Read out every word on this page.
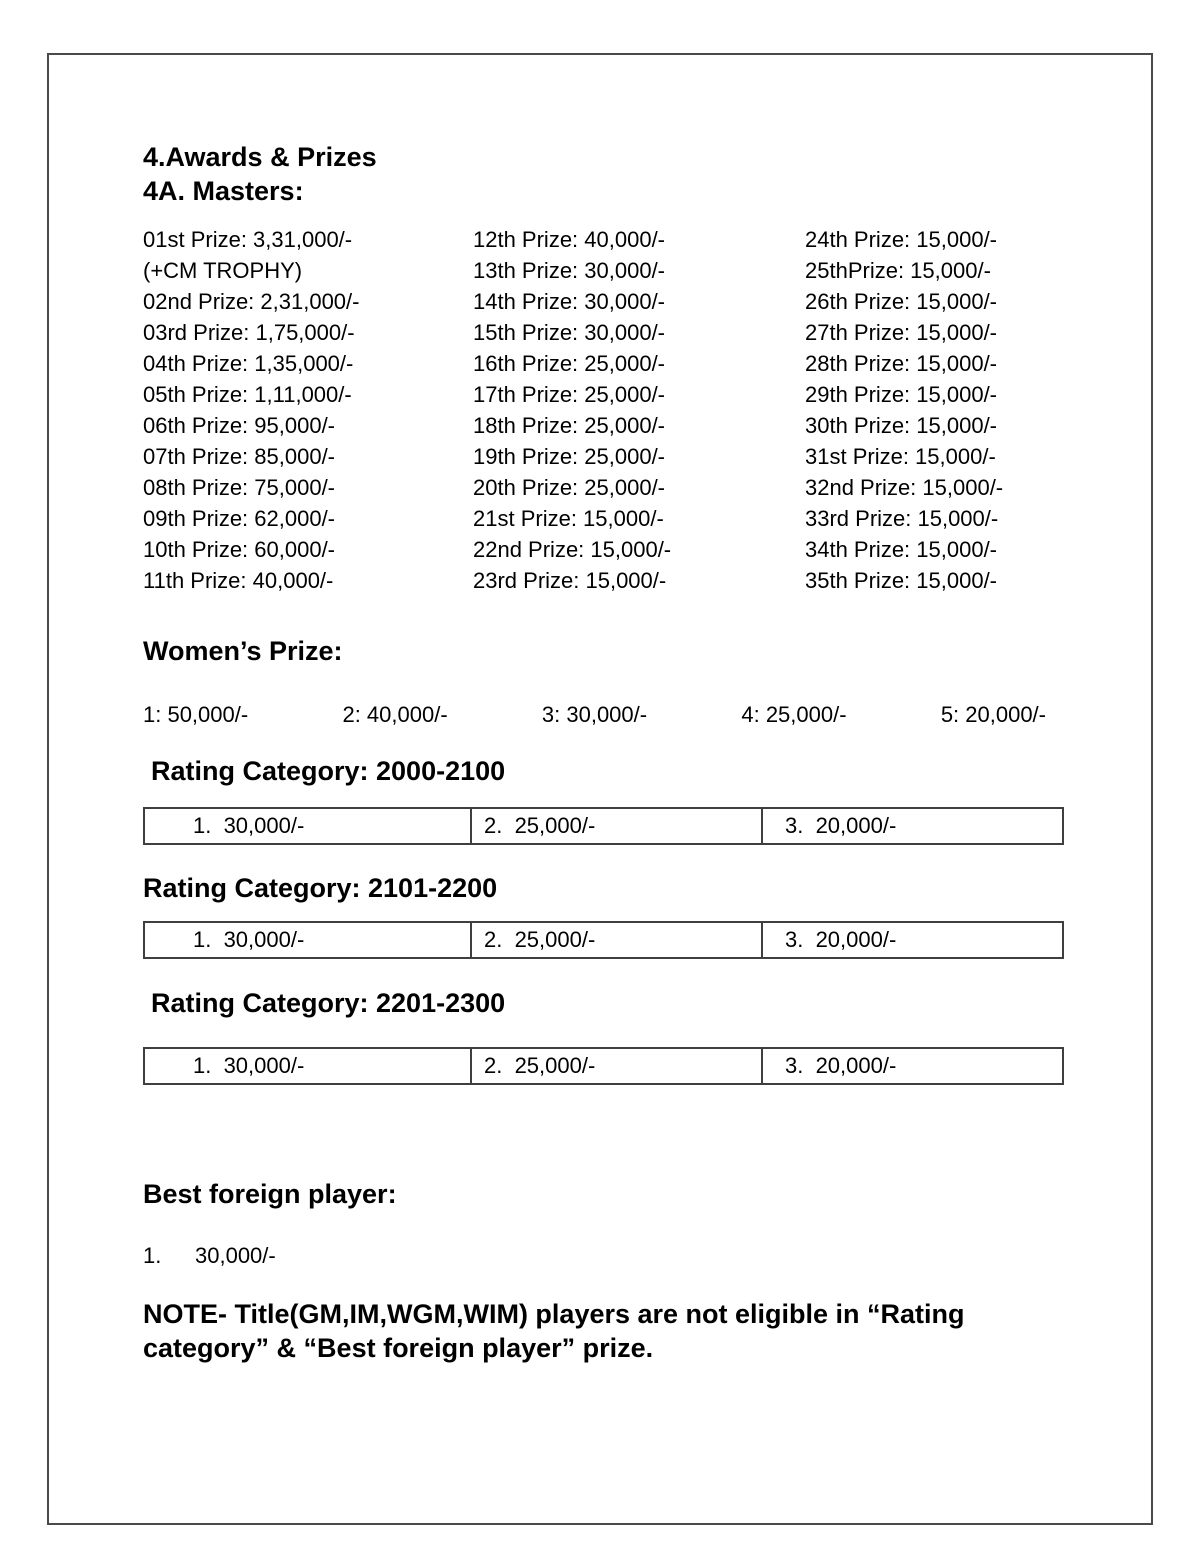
4.Awards & Prizes
4A. Masters:
01st Prize: 3,31,000/-
(+CM TROPHY)
02nd Prize: 2,31,000/-
03rd Prize: 1,75,000/-
04th Prize: 1,35,000/-
05th Prize: 1,11,000/-
06th Prize: 95,000/-
07th Prize: 85,000/-
08th Prize: 75,000/-
09th Prize: 62,000/-
10th Prize: 60,000/-
11th Prize: 40,000/-
12th Prize: 40,000/-
13th Prize: 30,000/-
14th Prize: 30,000/-
15th Prize: 30,000/-
16th Prize: 25,000/-
17th Prize: 25,000/-
18th Prize: 25,000/-
19th Prize: 25,000/-
20th Prize: 25,000/-
21st Prize: 15,000/-
22nd Prize: 15,000/-
23rd Prize: 15,000/-
24th Prize: 15,000/-
25thPrize: 15,000/-
26th Prize: 15,000/-
27th Prize: 15,000/-
28th Prize: 15,000/-
29th Prize: 15,000/-
30th Prize: 15,000/-
31st Prize: 15,000/-
32nd Prize: 15,000/-
33rd Prize: 15,000/-
34th Prize: 15,000/-
35th Prize: 15,000/-
Women’s Prize:
1: 50,000/-	2: 40,000/-	3: 30,000/-	4: 25,000/-	5: 20,000/-
Rating Category: 2000-2100
1.  30,000/-	2.  25,000/-	3.  20,000/-
Rating Category: 2101-2200
1.  30,000/-	2.  25,000/-	3.  20,000/-
Rating Category: 2201-2300
1.  30,000/-	2.  25,000/-	3.  20,000/-
Best foreign player:
1. 30,000/-
NOTE- Title(GM,IM,WGM,WIM) players are not eligible in “Rating
category” & “Best foreign player” prize.
